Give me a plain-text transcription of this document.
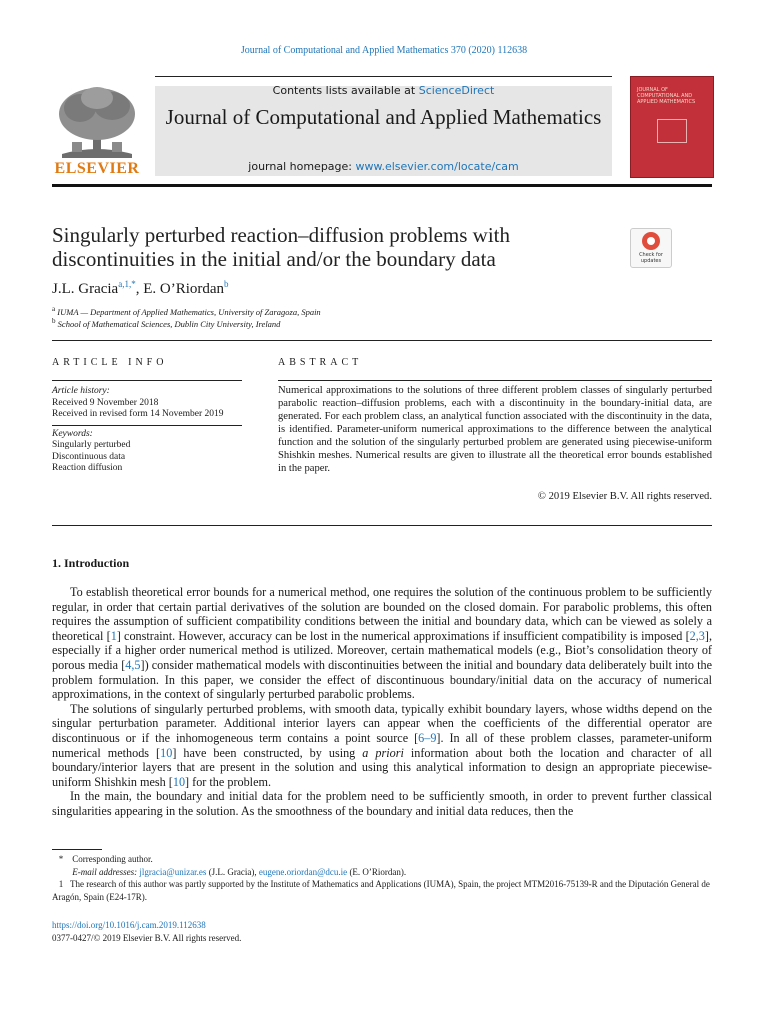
Journal of Computational and Applied Mathematics 370 (2020) 112638
ELSEVIER
Contents lists available at ScienceDirect
Journal of Computational and Applied Mathematics
journal homepage: www.elsevier.com/locate/cam
JOURNAL OF COMPUTATIONAL AND APPLIED MATHEMATICS
Singularly perturbed reaction–diffusion problems with discontinuities in the initial and/or the boundary data	Check for updates
J.L. Gracia$^{a,1,*}$, E. O’Riordan$^b$
$^a$ IUMA — Department of Applied Mathematics, University of Zaragoza, Spain
$^b$ School of Mathematical Sciences, Dublin City University, Ireland
ARTICLE INFO	ABSTRACT
Article history:
Received 9 November 2018
Received in revised form 14 November 2019
Keywords:
Singularly perturbed
Discontinuous data
Reaction diffusion
Numerical approximations to the solutions of three different problem classes of singularly perturbed parabolic reaction–diffusion problems, each with a discontinuity in the boundary-initial data, are generated. For each problem class, an analytical function associated with the discontinuity in the data, is identified. Parameter-uniform numerical approximations to the difference between the analytical function and the solution of the singularly perturbed problem are generated using piecewise-uniform Shishkin meshes. Numerical results are given to illustrate all the theoretical error bounds established in the paper.
© 2019 Elsevier B.V. All rights reserved.
1. Introduction

To establish theoretical error bounds for a numerical method, one requires the solution of the continuous problem to be sufficiently regular, in order that certain partial derivatives of the solution are bounded on the closed domain. For parabolic problems, this often requires the assumption of sufficient compatibility conditions between the initial and boundary data, which can be viewed as solely a theoretical [1] constraint. However, accuracy can be lost in the numerical approximations if insufficient compatibility is imposed [2,3], especially if a higher order numerical method is utilized. Moreover, certain mathematical models (e.g., Biot’s consolidation theory of porous media [4,5]) consider mathematical models with discontinuities between the initial and boundary data deliberately built into the problem formulation. In this paper, we consider the effect of discontinuous boundary/initial data on the accuracy of numerical approximations, in the context of singularly perturbed parabolic problems.

The solutions of singularly perturbed problems, with smooth data, typically exhibit boundary layers, whose widths depend on the singular perturbation parameter. Additional interior layers can appear when the coefficients of the differential operator are discontinuous or if the inhomogeneous term contains a point source [6–9]. In all of these problem classes, parameter-uniform numerical methods [10] have been constructed, by using a priori information about both the location and character of all boundary/interior layers that are present in the solution and using this analytical information to design an appropriate piecewise-uniform Shishkin mesh [10] for the problem.

In the main, the boundary and initial data for the problem need to be sufficiently smooth, in order to prevent further classical singularities appearing in the solution. As the smoothness of the boundary and initial data reduces, then the

* Corresponding author.
E-mail addresses: jlgracia@unizar.es (J.L. Gracia), eugene.oriordan@dcu.ie (E. O’Riordan).
1 The research of this author was partly supported by the Institute of Mathematics and Applications (IUMA), Spain, the project MTM2016-75139-R and the Diputación General de Aragón, Spain (E24-17R).
https://doi.org/10.1016/j.cam.2019.112638
0377-0427/© 2019 Elsevier B.V. All rights reserved.
